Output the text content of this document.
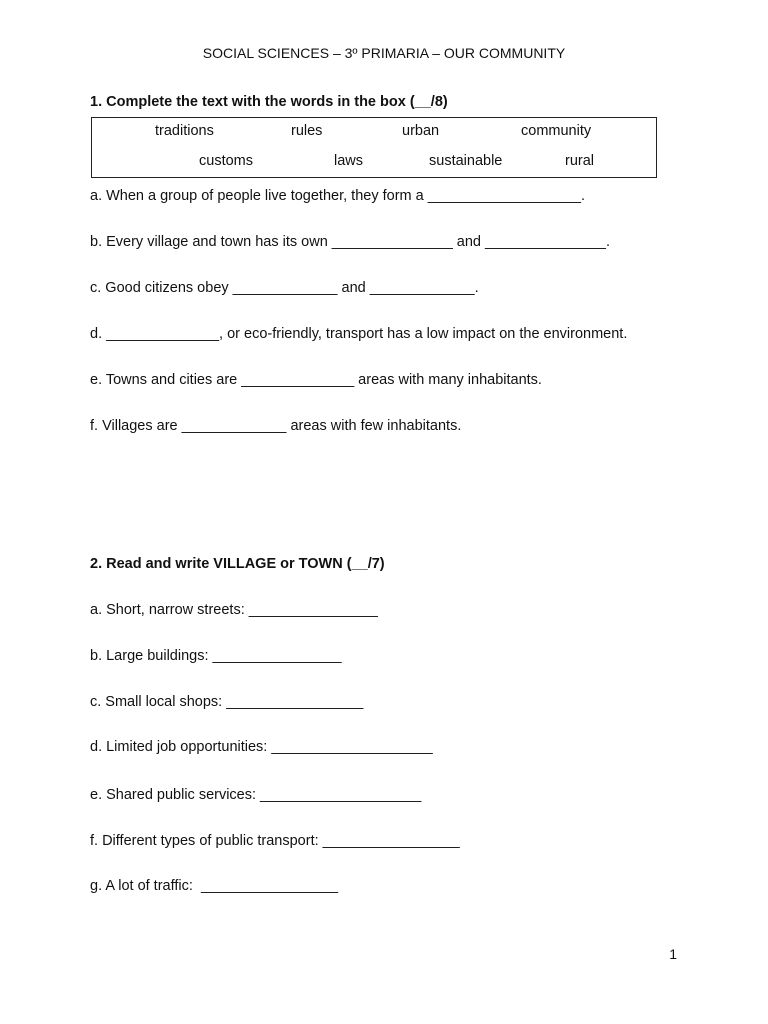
SOCIAL SCIENCES – 3º PRIMARIA – OUR COMMUNITY
1. Complete the text with the words in the box (__/8)
traditions	rules	urban	community
customs	laws	sustainable	rural
a. When a group of people live together, they form a ___________________.
b. Every village and town has its own _______________ and _______________.
c. Good citizens obey _____________ and _____________.
d. ______________, or eco-friendly, transport has a low impact on the environment.
e. Towns and cities are ______________ areas with many inhabitants.
f. Villages are _____________ areas with few inhabitants.
2. Read and write VILLAGE or TOWN (__/7)
a. Short, narrow streets: ________________
b. Large buildings: ________________
c. Small local shops: _________________
d. Limited job opportunities: ____________________
e. Shared public services: ____________________
f. Different types of public transport: _________________
g. A lot of traffic:  _________________
1
